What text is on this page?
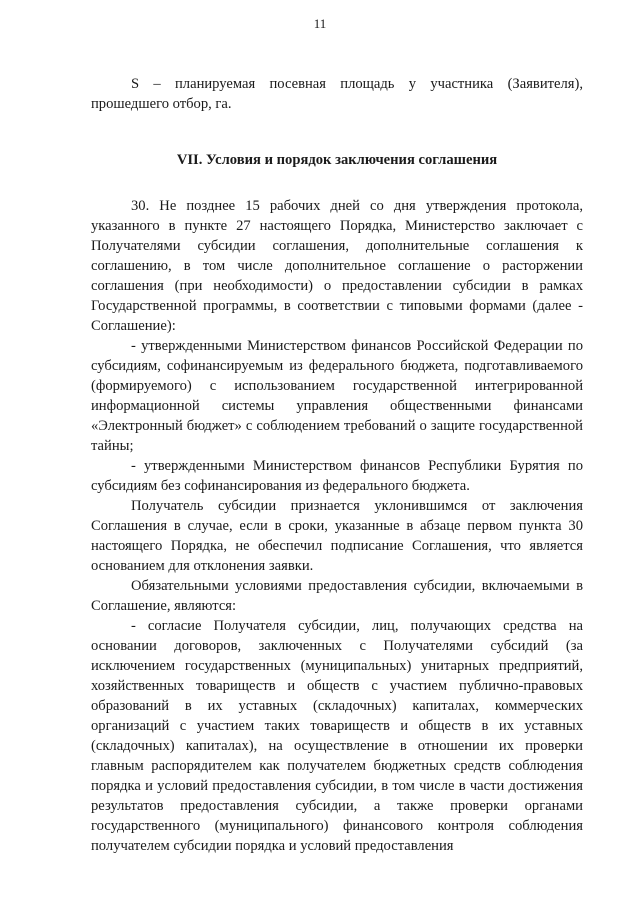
11

S – планируемая посевная площадь у участника (Заявителя), прошедшего отбор, га.

VII. Условия и порядок заключения соглашения

30. Не позднее 15 рабочих дней со дня утверждения протокола, указанного в пункте 27 настоящего Порядка, Министерство заключает с Получателями субсидии соглашения, дополнительные соглашения к соглашению, в том числе дополнительное соглашение о расторжении соглашения (при необходимости) о предоставлении субсидии в рамках Государственной программы, в соответствии с типовыми формами (далее - Соглашение):

- утвержденными Министерством финансов Российской Федерации по субсидиям, софинансируемым из федерального бюджета, подготавливаемого (формируемого) с использованием государственной интегрированной информационной системы управления общественными финансами «Электронный бюджет» с соблюдением требований о защите государственной тайны;

- утвержденными Министерством финансов Республики Бурятия по субсидиям без софинансирования из федерального бюджета.

Получатель субсидии признается уклонившимся от заключения Соглашения в случае, если в сроки, указанные в абзаце первом пункта 30 настоящего Порядка, не обеспечил подписание Соглашения, что является основанием для отклонения заявки.

Обязательными условиями предоставления субсидии, включаемыми в Соглашение, являются:

- согласие Получателя субсидии, лиц, получающих средства на основании договоров, заключенных с Получателями субсидий (за исключением государственных (муниципальных) унитарных предприятий, хозяйственных товариществ и обществ с участием публично-правовых образований в их уставных (складочных) капиталах, коммерческих организаций с участием таких товариществ и обществ в их уставных (складочных) капиталах), на осуществление в отношении их проверки главным распорядителем как получателем бюджетных средств соблюдения порядка и условий предоставления субсидии, в том числе в части достижения результатов предоставления субсидии, а также проверки органами государственного (муниципального) финансового контроля соблюдения получателем субсидии порядка и условий предоставления
